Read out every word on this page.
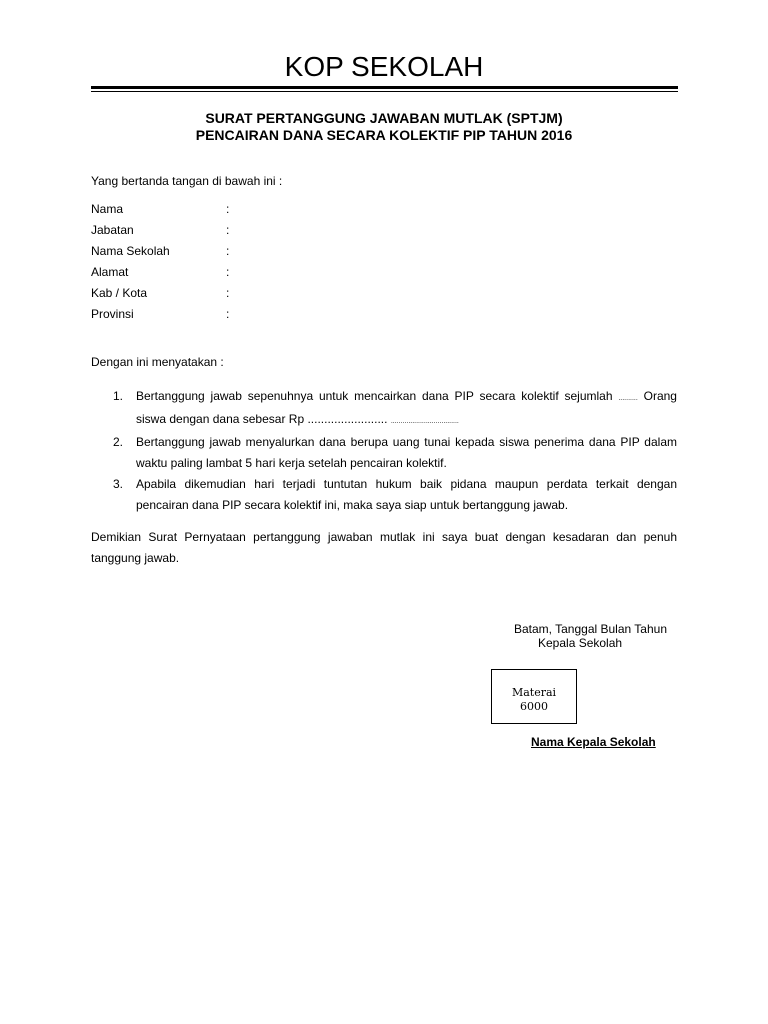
KOP SEKOLAH
SURAT PERTANGGUNG JAWABAN MUTLAK (SPTJM)
PENCAIRAN DANA SECARA KOLEKTIF PIP TAHUN 2016
Yang bertanda tangan di bawah ini :
Nama	:
Jabatan	:
Nama Sekolah	:
Alamat	:
Kab / Kota	:
Provinsi	:
Dengan ini menyatakan :
1. Bertanggung jawab sepenuhnya untuk mencairkan dana PIP secara kolektif sejumlah .......... Orang siswa dengan dana sebesar Rp ........................ ...................................
2. Bertanggung jawab menyalurkan dana berupa uang tunai kepada siswa penerima dana PIP dalam waktu paling lambat 5 hari kerja setelah pencairan kolektif.
3. Apabila dikemudian hari terjadi tuntutan hukum baik pidana maupun perdata terkait dengan pencairan dana PIP secara kolektif ini, maka saya siap untuk bertanggung jawab.
Demikian Surat Pernyataan pertanggung jawaban mutlak ini saya buat dengan kesadaran dan penuh tanggung jawab.
Batam, Tanggal Bulan Tahun
Kepala Sekolah
Materai
6000
Nama Kepala Sekolah
